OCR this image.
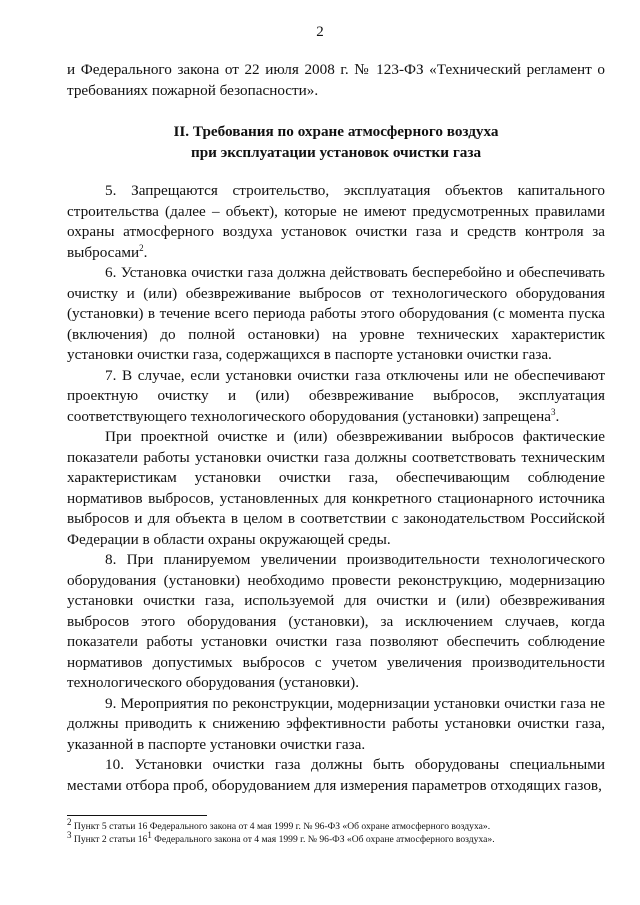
2

и Федерального закона от 22 июля 2008 г. № 123-ФЗ «Технический регламент о требованиях пожарной безопасности».

II. Требования по охране атмосферного воздуха
при эксплуатации установок очистки газа

5. Запрещаются строительство, эксплуатация объектов капитального строительства (далее – объект), которые не имеют предусмотренных правилами охраны атмосферного воздуха установок очистки газа и средств контроля за выбросами$^2$.

6. Установка очистки газа должна действовать бесперебойно и обеспечивать очистку и (или) обезвреживание выбросов от технологического оборудования (установки) в течение всего периода работы этого оборудования (с момента пуска (включения) до полной остановки) на уровне технических характеристик установки очистки газа, содержащихся в паспорте установки очистки газа.

7. В случае, если установки очистки газа отключены или не обеспечивают проектную очистку и (или) обезвреживание выбросов, эксплуатация соответствующего технологического оборудования (установки) запрещена$^3$.

При проектной очистке и (или) обезвреживании выбросов фактические показатели работы установки очистки газа должны соответствовать техническим характеристикам установки очистки газа, обеспечивающим соблюдение нормативов выбросов, установленных для конкретного стационарного источника выбросов и для объекта в целом в соответствии с законодательством Российской Федерации в области охраны окружающей среды.

8. При планируемом увеличении производительности технологического оборудования (установки) необходимо провести реконструкцию, модернизацию установки очистки газа, используемой для очистки и (или) обезвреживания выбросов этого оборудования (установки), за исключением случаев, когда показатели работы установки очистки газа позволяют обеспечить соблюдение нормативов допустимых выбросов с учетом увеличения производительности технологического оборудования (установки).

9. Мероприятия по реконструкции, модернизации установки очистки газа не должны приводить к снижению эффективности работы установки очистки газа, указанной в паспорте установки очистки газа.

10. Установки очистки газа должны быть оборудованы специальными местами отбора проб, оборудованием для измерения параметров отходящих газов,

$^2$ Пункт 5 статьи 16 Федерального закона от 4 мая 1999 г. № 96-ФЗ «Об охране атмосферного воздуха».
$^3$ Пункт 2 статьи $16^1$ Федерального закона от 4 мая 1999 г. № 96-ФЗ «Об охране атмосферного воздуха».
